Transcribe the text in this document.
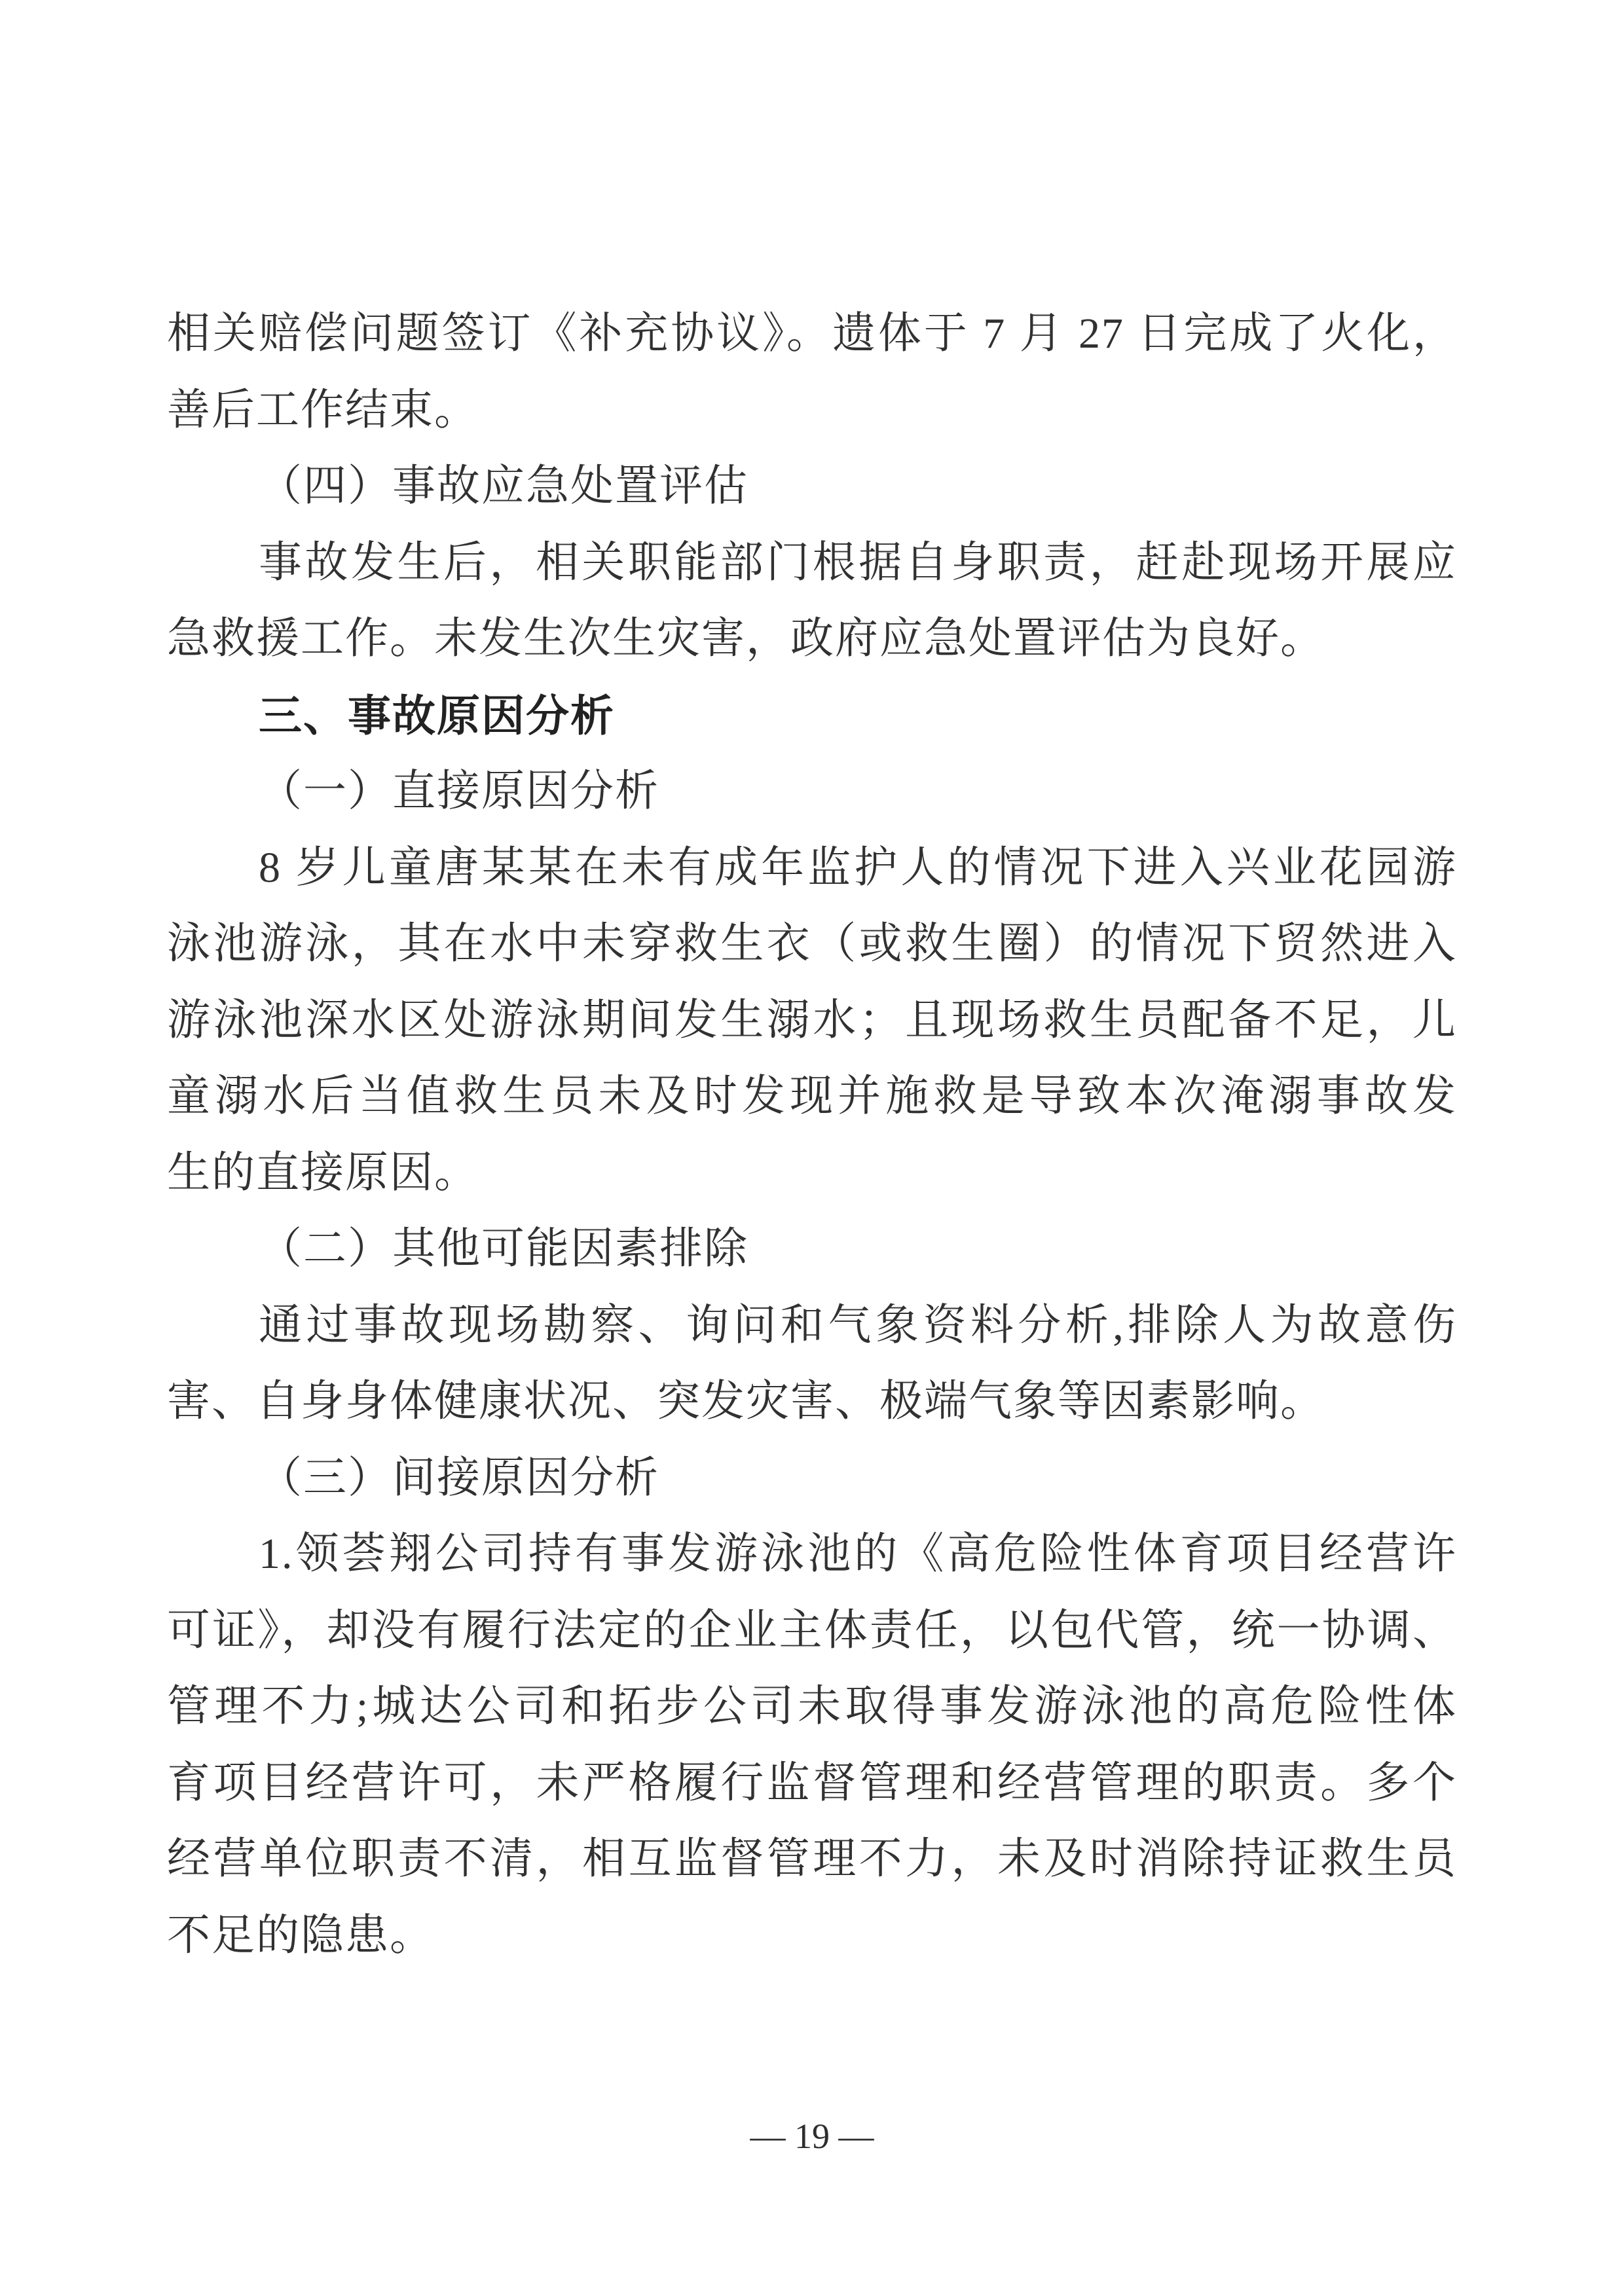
相关赔偿问题签订《补充协议》。遗体于 7 月 27 日完成了火化，
善后工作结束。
（四）事故应急处置评估
事故发生后，相关职能部门根据自身职责，赶赴现场开展应
急救援工作。未发生次生灾害，政府应急处置评估为良好。
三、事故原因分析
（一）直接原因分析
8 岁儿童唐某某在未有成年监护人的情况下进入兴业花园游
泳池游泳，其在水中未穿救生衣（或救生圈）的情况下贸然进入
游泳池深水区处游泳期间发生溺水；且现场救生员配备不足，儿
童溺水后当值救生员未及时发现并施救是导致本次淹溺事故发
生的直接原因。
（二）其他可能因素排除
通过事故现场勘察、询问和气象资料分析,排除人为故意伤
害、自身身体健康状况、突发灾害、极端气象等因素影响。
（三）间接原因分析
1.领荟翔公司持有事发游泳池的《高危险性体育项目经营许
可证》，却没有履行法定的企业主体责任，以包代管，统一协调、
管理不力;城达公司和拓步公司未取得事发游泳池的高危险性体
育项目经营许可，未严格履行监督管理和经营管理的职责。多个
经营单位职责不清，相互监督管理不力，未及时消除持证救生员
不足的隐患。
— 19 —
